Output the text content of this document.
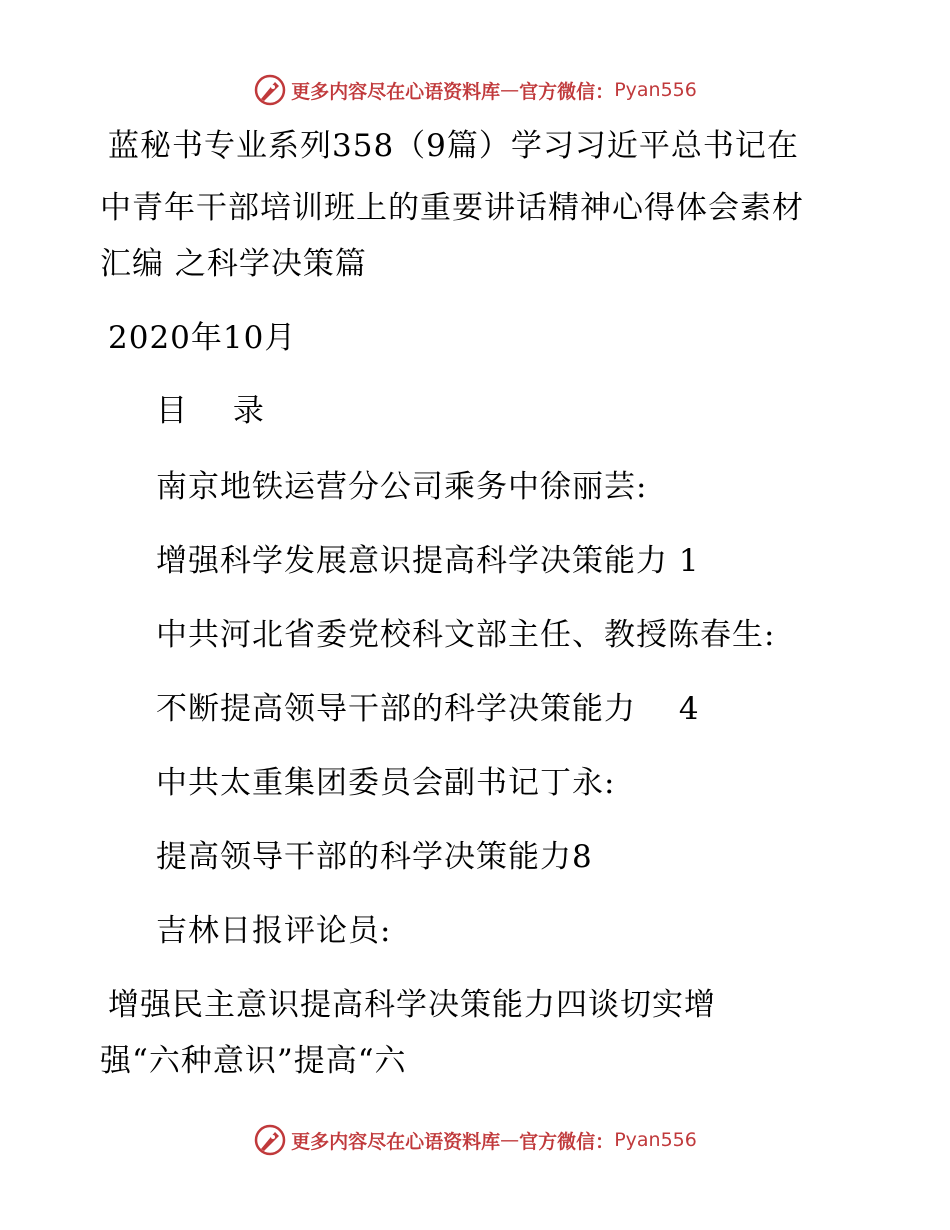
更多内容尽在心语资料库 — 官方微信： Pyan556
蓝秘书专业系列358（9篇）学习习近平总书记在
中青年干部培训班上的重要讲话精神心得体会素材
汇编 之科学决策篇
2020年10月
目 录
南京地铁运营分公司乘务中徐丽芸:
增强科学发展意识提高科学决策能力 1
中共河北省委党校科文部主任、教授陈春生:
不断提高领导干部的科学决策能力　 4
中共太重集团委员会副书记丁永:
提高领导干部的科学决策能力8
吉林日报评论员:
增强民主意识提高科学决策能力四谈切实增
强“六种意识”提高“六
更多内容尽在心语资料库 — 官方微信： Pyan556
